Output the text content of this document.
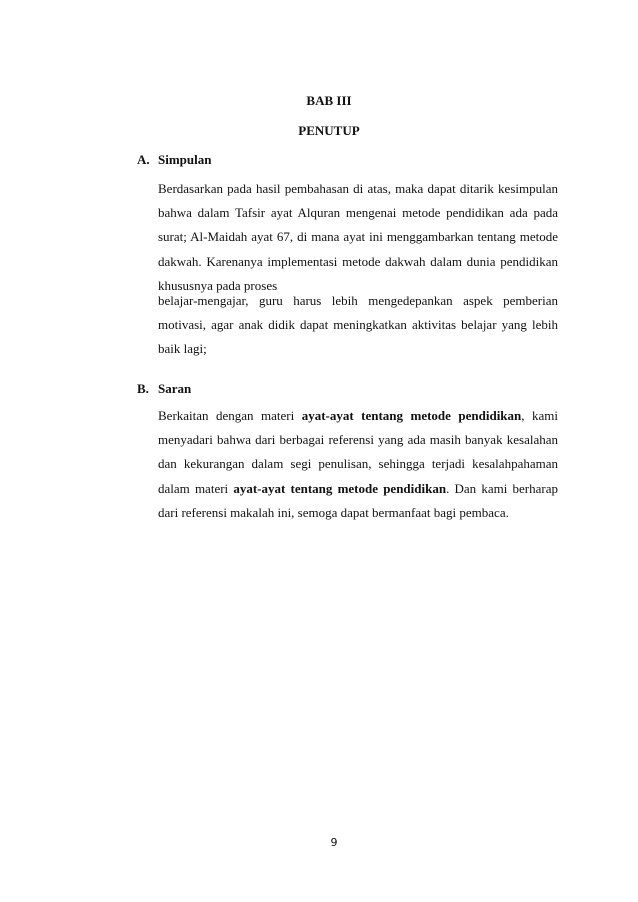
BAB III
PENUTUP
A. Simpulan

Berdasarkan pada hasil pembahasan di atas, maka dapat ditarik kesimpulan bahwa dalam Tafsir ayat Alquran mengenai metode pendidikan ada pada surat; Al-Maidah ayat 67, di mana ayat ini menggambarkan tentang metode dakwah. Karenanya implementasi metode dakwah dalam dunia pendidikan khususnya pada proses

belajar-mengajar, guru harus lebih mengedepankan aspek pemberian motivasi, agar anak didik dapat meningkatkan aktivitas belajar yang lebih baik lagi;

B. Saran

Berkaitan dengan materi ayat-ayat tentang metode pendidikan, kami menyadari bahwa dari berbagai referensi yang ada masih banyak kesalahan dan kekurangan dalam segi penulisan, sehingga terjadi kesalahpahaman dalam materi ayat-ayat tentang metode pendidikan. Dan kami berharap dari referensi makalah ini, semoga dapat bermanfaat bagi pembaca.

9
